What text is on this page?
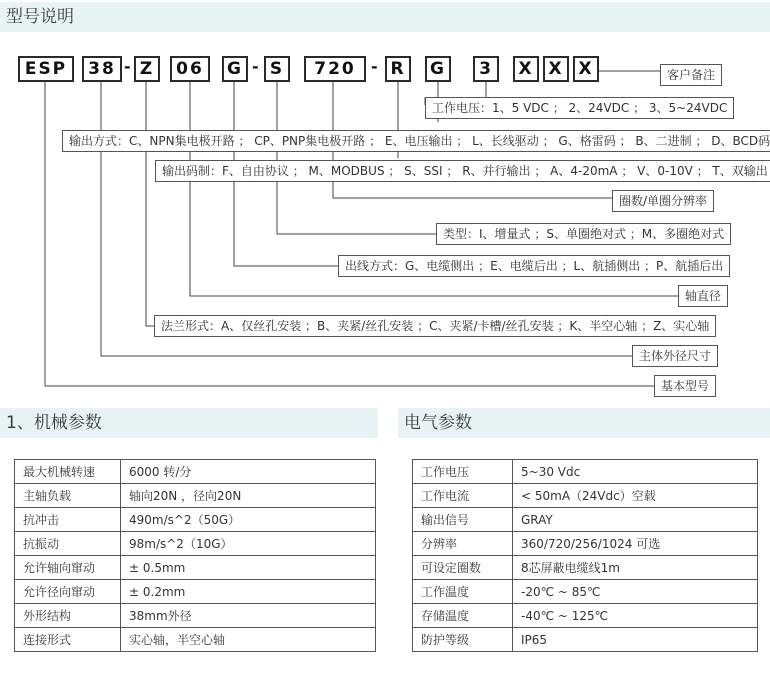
型号说明
ESP	38 - Z	06	G - S	720 - R	G	3	X X X	客户备注
工作电压：1、5 VDC ； 2、24VDC ； 3、5~24VDC
输出方式：C、NPN集电极开路 ； CP、PNP集电极开路 ； E、电压输出 ； L、长线驱动 ； G、格雷码 ； B、二进制 ； D、BCD码
输出码制：F、自由协议 ； M、MODBUS ； S、SSI ； R、并行输出 ； A、4-20mA ； V、0-10V ； T、双输出
圈数/单圈分辨率
类型：I、增量式 ；S、单圈绝对式 ；M、多圈绝对式
出线方式：G、电缆侧出 ；E、电缆后出 ；L、航插侧出 ；P、航插后出
轴直径
法兰形式：A、仅丝孔安装 ；B、夹紧/丝孔安装 ；C、夹紧/卡槽/丝孔安装 ；K、半空心轴 ；Z、实心轴
主体外径尺寸
基本型号
1、机械参数
最大机械转速	6000 转/分
主轴负载	轴向20N ，径向20N
抗冲击	490m/s^2（50G）
抗振动	98m/s^2（10G）
允许轴向窜动	± 0.5mm
允许径向窜动	± 0.2mm
外形结构	38mm外径
连接形式	实心轴，半空心轴
电气参数
工作电压	5~30 Vdc
工作电流	< 50mA（24Vdc）空载
输出信号	GRAY
分辨率	360/720/256/1024 可选
可设定圈数	8芯屏蔽电缆线1m
工作温度	-20℃ ~ 85℃
存储温度	-40℃ ~ 125℃
防护等级	IP65
